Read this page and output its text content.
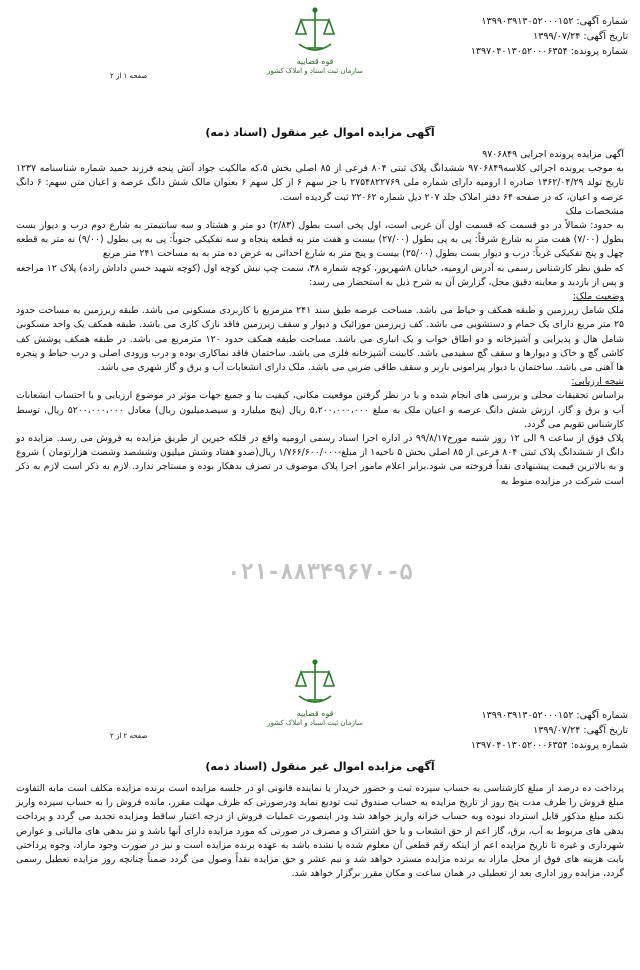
شماره آگهی: ۱۳۹۹۰۳۹۱۳۰۵۲۰۰۰۱۵۲
تاریخ آگهی: ۱۳۹۹/۰۷/۲۴
شماره پرونده: ۱۳۹۷۰۴۰۱۳۰۵۲۰۰۰۶۳۵۴
قوه قضاییه
سازمان ثبت اسناد و املاک کشور
صفحه ۱ از ۲
آگهی مزایده اموال غیر منقول (اسناد ذمه)

آگهی مزایده پرونده اجرایی ۹۷۰۶۸۴۹

به موجب پرونده اجرائی کلاسه۹۷۰۶۸۴۹ ششدانگ پلاک ثبتی ۸۰۴ فرعی از ۸۵ اصلی بخش ۵،که مالکیت جواد آتش پنجه فرزند حمید شماره شناسنامه ۱۲۳۷ تاریخ تولد ۱۳۶۲/۰۴/۲۹ صادره ا ارومیه دارای شماره ملی ۲۷۵۴۸۲۲۷۶۹ با جز سهم ۶ از کل سهم ۶ بعنوان مالک شش دانگ عرصه و اعیان متن سهم: ۶ دانگ عرصه و اعیان، که در صفحه ۶۴ دفتر املاک جلد ۲۰۷ ذیل شماره ۲۲۰۶۲ ثبت گردیده است.

مشخصات ملک

به حدود: شمالاً در دو قسمت که قسمت اول آن غربی است، اول پخی است بطول (۲/۸۳) دو متر و هشتاد و سه سانتیمتر به شارع دوم درب و دیوار بست بطول (۷/۰۰) هفت متر به شارع شرقاً: پی به پی بطول (۲۷/۰۰) بیست و هفت متر به قطعه پنجاه و سه تفکیکی جنوباً: پی به پی بطول (۹/۰۰) نه متر به قطعه چهل و پنج تفکیکی غرباً: درب و دیوار بست بطول (۲۵/۰۰) بیست و پنج متر به شارع احداثی به عرض ده متر به به مساحت ۲۴۱ متر مربع

که طبق نظر کارشناس رسمی به آدرس ارومیه، خیابان ۸شهریور، کوچه شماره ۳۸، سمت چپ نبش کوچه اول (کوچه شهید حسن داداش زاده) پلاک ۱۲ مراجعه و پس از بازدید و معاینه دقیق محل، گزارش آن به شرح ذیل به استحضار می رسد:

وضعیت ملک:

ملک شامل زیرزمین و طبقه همکف و حیاط می باشد. مساحت عرصه طبق سند ۲۴۱ مترمربع با کاربردی مسکونی می باشد. طبقه زیرزمین به مساحت حدود ۲۵ متر مربع دارای یک حمام و دستشویی می باشد. کف زیرزمین موزائیک و دیوار و سقف زیرزمین فاقد نازک کاری می باشد. طبقه همکف یک واحد مسکونی شامل هال و پذیرایی و آشپزخانه و دو اطاق خواب و یک انباری می باشد. مساحت طبقه همکف حدود ۱۲۰ مترمربع می باشد. در طبقه همکف پوشش کف کاشی گچ و خاک و دیوارها و سقف گچ سفیدمی باشد. کابینت آشپزخانه فلزی می باشد. ساختمان فاقد نماکاری بوده و درب ورودی اصلی و درب حیاط و پنجره ها آهنی می باشد. ساختمان با دیوار پیرامونی باربر و سقف طاقی ضربی می باشد. ملک دارای انشعابات آب و برق و گاز شهری می باشد.

نتیجه ارزیابی:

براساس تحقیقات محلی و بررسی های انجام شده و با در نظر گرفتن موقعیت مکانی، کیفیت بنا و جمیع جهات موثر در موضوع ارزیابی و با احتساب انشعابات آب و برق و گاز، ارزش شش دانگ عرصه و اعیان ملک به مبلغ ۵،۲۰۰،۰۰۰،۰۰۰ ریال (پنج میلیارد و سیصدمیلیون ریال) معادل ۵۲۰۰،۰۰۰،۰۰۰ ریال، توسط کارشناس تقویم می گردد.

پلاک فوق از ساعت ۹ الی ۱۲ روز شنبه مورخ۹۹/۸/۱۷ در اداره اجرا اسناد رسمی ارومیه واقع در قلکه خیرین از طریق مزایده به فروش می رسد. مزایده دو دانگ از ششدانگ پلاک ثبتی ۸۰۴ فرعی از ۸۵ اصلی بخش ۵ ناحیه۱ از مبلغ-۱/۷۶۶/۶۰۰/۰۰۰ ریال(صدو هفتاد وشش میلیون وششصد وشصت هزارتومان ) شروع و به بالاترین قیمت پیشنهادی نقداً فروخته می شود.برابر اعلام مامور اجرا پلاک موصوف در تصرف بدهکار بوده و مستاجر ندارد. لازم به ذکر است لازم به ذکر است شرکت در مزایده منوط به

۰۲۱-۸۸۳۴۹۶۷۰-۵
شماره آگهی: ۱۳۹۹۰۳۹۱۳۰۵۲۰۰۰۱۵۲
تاریخ آگهی: ۱۳۹۹/۰۷/۲۴
شماره پرونده: ۱۳۹۷۰۴۰۱۳۰۵۲۰۰۰۶۳۵۴
قوه قضاییه
سازمان ثبت اسناد و املاک کشور
صفحه ۲ از ۲
آگهی مزایده اموال غیر منقول (اسناد ذمه)

پرداخت ده درصد از مبلغ کارشناسی به حساب سپرده ثبت و حضور خریدار یا نماینده قانونی او در جلسه مزایده است برنده مزایده مکلف است مابه التفاوت مبلغ فروش را ظرف مدت پنج روز از تاریخ مزایده به حساب صندوق ثبت تودیع نماید ودرصورتی که ظرف مهلت مقرر، مانده فروش را به حساب سپرده واریز نکند مبلغ مذکور قابل استرداد نبوده وبه حساب خزانه واریز خواهد شد ودر اینصورت عملیات فروش از درجه اعتبار ساقط ومزایده تجدید می گردد و پرداخت بدهی های مربوط به آب، برق، گاز اعم از حق انشعاب و یا حق اشتراک و مصرف در صورتی که مورد مزایده دارای آنها باشد و نیز بدهی های مالیاتی و عوارض شهرداری و غیره تا تاریخ مزایده اعم از اینکه رقم قطعی آن معلوم شده یا نشده باشد به عهده برنده مزایده است و نیز در صورت وجود مازاد، وجوه پرداختی بابت هزینه های فوق از محل مازاد به برنده مزایده مسترد خواهد شد و نیم عشر و حق مزایده نقداً وصول می گردد ضمناً چنانچه روز مزایده تعطیل رسمی گردد، مزایده روز اداری بعد از تعطیلی در همان ساعت و مکان مقرر برگزار خواهد شد.
